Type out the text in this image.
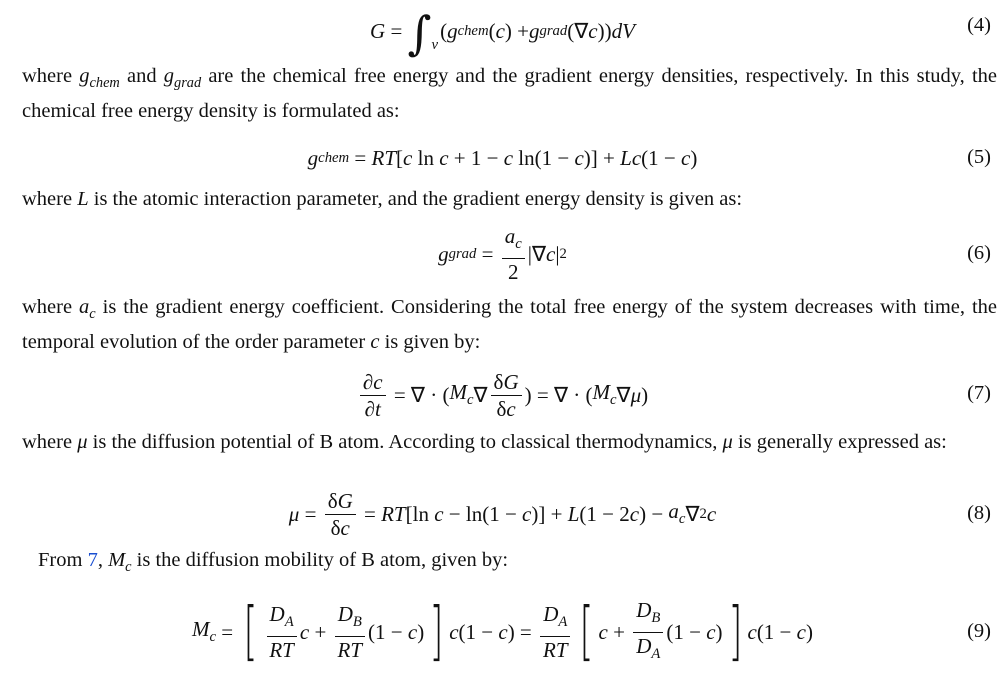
$G = \int_v$
( g chem ( c ) + g grad (∇ c )) dV	(4)
where $g_{chem}$ and $g_{grad}$ are the chemical free energy and the gradient energy densities, respectively. In this study, the chemical free energy density is formulated as:
g chem = RT [ c ln c + 1 − c ln(1 − c )] + Lc (1 − c )	(5)
where L is the atomic interaction parameter, and the gradient energy density is given as:
g grad = $\frac{a_c}{2}$ |∇ c | 2	(6)
where $a_c$ is the gradient energy coefficient. Considering the total free energy of the system decreases with time, the temporal evolution of the order parameter c is given by:
$\frac{\partial c}{\partial t}$ = ∇ · ( $M_c$ ∇ $\frac{\delta G}{\delta c}$ ) = ∇ · ( $M_c$ ∇ μ )	(7)
where μ is the diffusion potential of B atom. According to classical thermodynamics, μ is generally expressed as:
$\mu = \frac{\delta G}{\delta c}$ = RT [ln c − ln(1 − c )] + L (1 − 2 c ) − $a_c$ ∇ 2 c	(8)
From 7, $M_c$ is the diffusion mobility of B atom, given by:
$M_c$ = [ $\frac{D_A}{RT}$ $c + \frac{D_B}{RT} (1 - c$ ) ] c (1 − c ) = $\frac{D_A}{RT}$ [ $c + \frac{D_B}{D_A} (1 - c$ ) ] c (1 − c )	(9)
